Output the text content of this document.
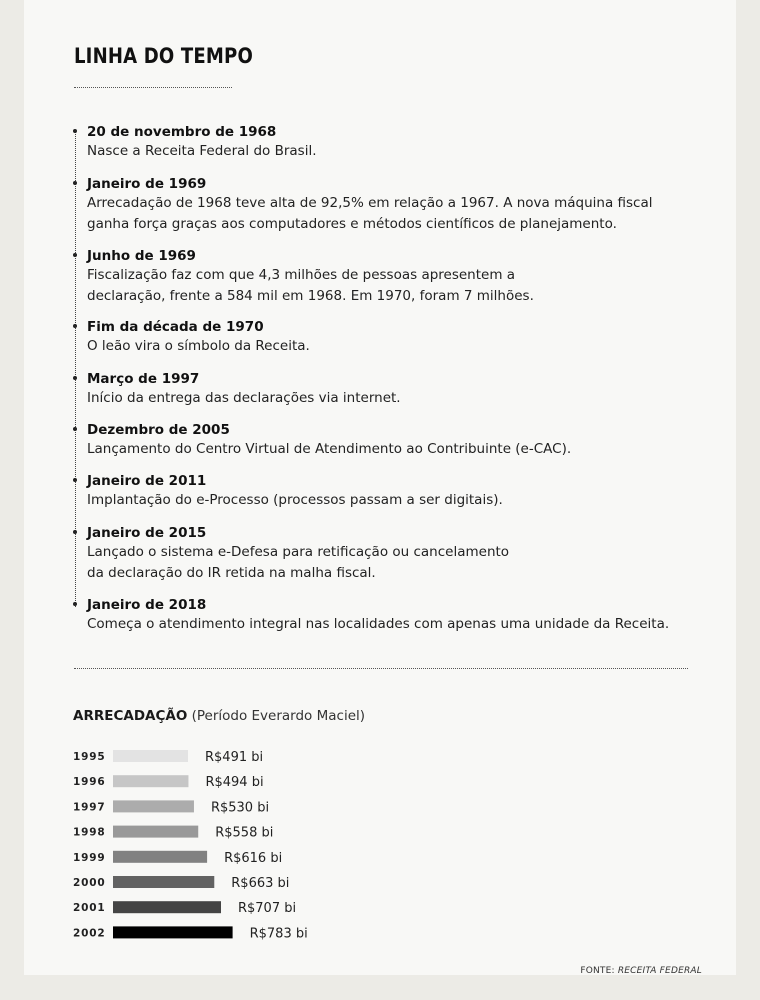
LINHA DO TEMPO
20 de novembro de 1968
Nasce a Receita Federal do Brasil.
Janeiro de 1969
Arrecadação de 1968 teve alta de 92,5% em relação a 1967. A nova máquina fiscal
ganha força graças aos computadores e métodos científicos de planejamento.
Junho de 1969
Fiscalização faz com que 4,3 milhões de pessoas apresentem a
declaração, frente a 584 mil em 1968. Em 1970, foram 7 milhões.
Fim da década de 1970
O leão vira o símbolo da Receita.
Março de 1997
Início da entrega das declarações via internet.
Dezembro de 2005
Lançamento do Centro Virtual de Atendimento ao Contribuinte (e-CAC).
Janeiro de 2011
Implantação do e-Processo (processos passam a ser digitais).
Janeiro de 2015
Lançado o sistema e-Defesa para retificação ou cancelamento
da declaração do IR retida na malha fiscal.
Janeiro de 2018
Começa o atendimento integral nas localidades com apenas uma unidade da Receita.
ARRECADAÇÃO (Período Everardo Maciel)
1995	R$491 bi
1996	R$494 bi
1997	R$530 bi
1998	R$558 bi
1999	R$616 bi
2000	R$663 bi
2001	R$707 bi
2002	R$783 bi
FONTE: RECEITA FEDERAL
